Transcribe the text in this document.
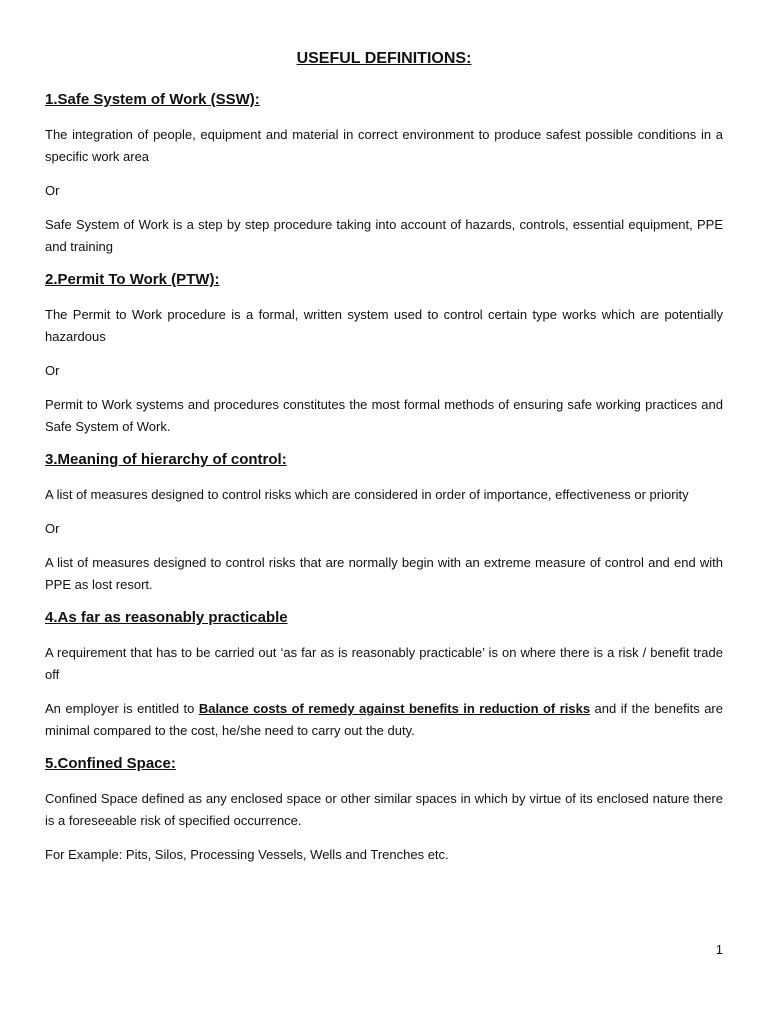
USEFUL DEFINITIONS:
1.Safe System of Work (SSW):

The integration of people, equipment and material in correct environment to produce safest possible conditions in a specific work area

Or

Safe System of Work is a step by step procedure taking into account of hazards, controls, essential equipment, PPE and training

2.Permit To Work (PTW):

The Permit to Work procedure is a formal, written system used to control certain type works which are potentially hazardous

Or

Permit to Work systems and procedures constitutes the most formal methods of ensuring safe working practices and Safe System of Work.

3.Meaning of hierarchy of control:

A list of measures designed to control risks which are considered in order of importance, effectiveness or priority

Or

A list of measures designed to control risks that are normally begin with an extreme measure of control and end with PPE as lost resort.

4.As far as reasonably practicable

A requirement that has to be carried out ‘as far as is reasonably practicable’ is on where there is a risk / benefit trade off

An employer is entitled to Balance costs of remedy against benefits in reduction of risks and if the benefits are minimal compared to the cost, he/she need to carry out the duty.

5.Confined Space:

Confined Space defined as any enclosed space or other similar spaces in which by virtue of its enclosed nature there is a foreseeable risk of specified occurrence.

For Example: Pits, Silos, Processing Vessels, Wells and Trenches etc.

1
